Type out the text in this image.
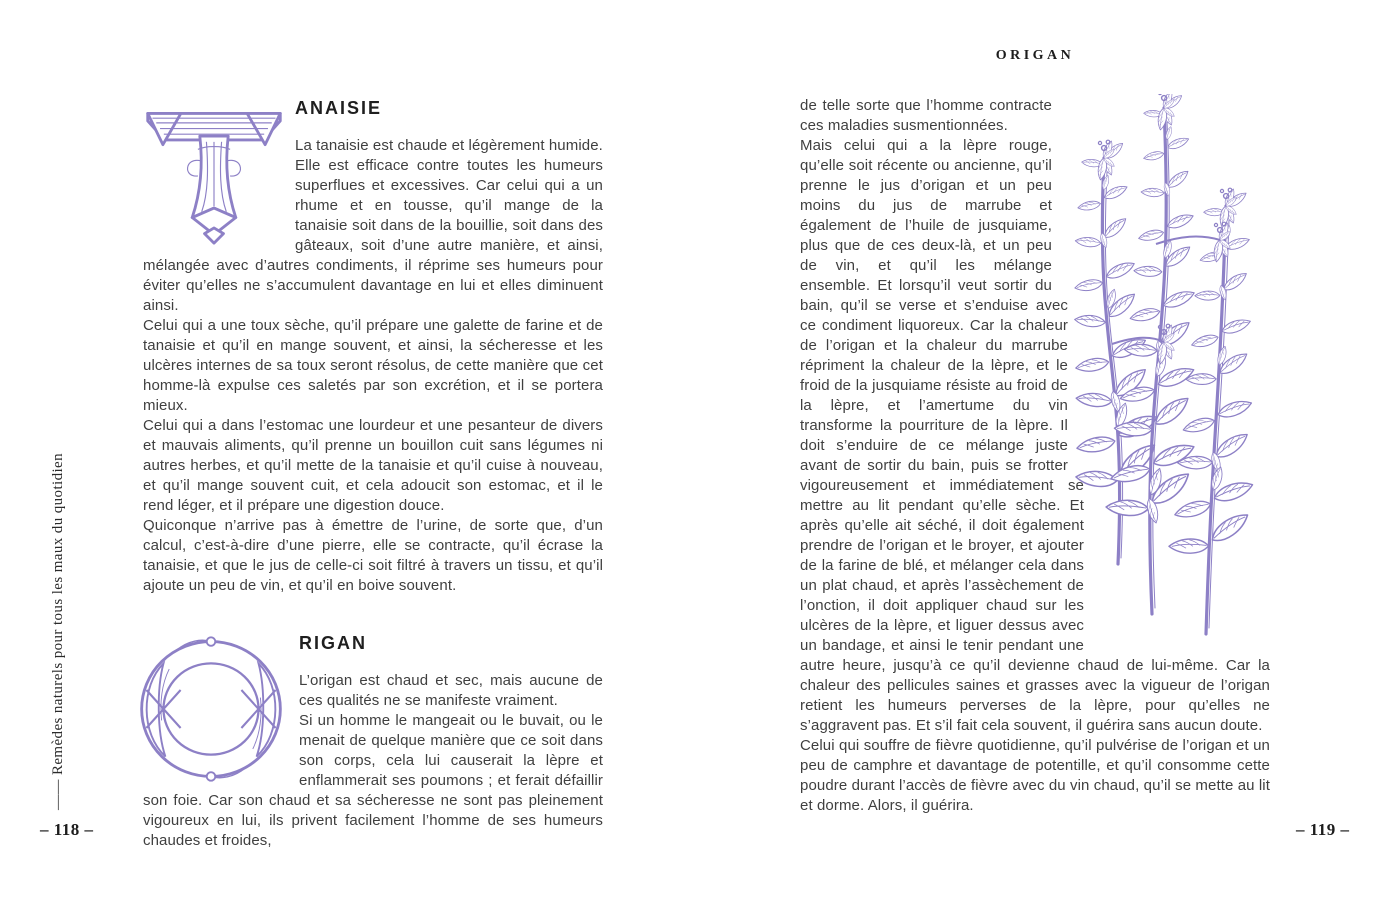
—— Remèdes naturels pour tous les maux du quotidien
ANAISIE

La tanaisie est chaude et légèrement humide.

Elle est efficace contre toutes les humeurs superflues et excessives. Car celui qui a un rhume et en tousse, qu’il mange de la tanaisie soit dans de la bouillie, soit dans des gâteaux, soit d’une autre manière, et ainsi, mélangée avec d’autres condiments, il réprime ses humeurs pour éviter qu’elles ne s’accumulent davantage en lui et elles diminuent ainsi.

Celui qui a une toux sèche, qu’il prépare une galette de farine et de tanaisie et qu’il en mange souvent, et ainsi, la sécheresse et les ulcères internes de sa toux seront résolus, de cette manière que cet homme-là expulse ces saletés par son excrétion, et il se portera mieux.

Celui qui a dans l’estomac une lourdeur et une pesanteur de divers et mauvais aliments, qu’il prenne un bouillon cuit sans légumes ni autres herbes, et qu’il mette de la tanaisie et qu’il cuise à nouveau, et qu’il mange souvent cuit, et cela adoucit son estomac, et il le rend léger, et il prépare une digestion douce.

Quiconque n’arrive pas à émettre de l’urine, de sorte que, d’un calcul, c’est-à-dire d’une pierre, elle se contracte, qu’il écrase la tanaisie, et que le jus de celle-ci soit filtré à travers un tissu, et qu’il ajoute un peu de vin, et qu’il en boive souvent.

RIGAN

L’origan est chaud et sec, mais aucune de ces qualités ne se manifeste vraiment.

Si un homme le mangeait ou le buvait, ou le menait de quelque manière que ce soit dans son corps, cela lui causerait la lèpre et enflammerait ses poumons ; et ferait défaillir son foie. Car son chaud et sa sécheresse ne sont pas pleinement vigoureux en lui, ils privent facilement l’homme de ses humeurs chaudes et froides,

– 118 –
ORIGAN

de telle sorte que l’homme contracte ces maladies susmentionnées.

Mais celui qui a la lèpre rouge, qu’elle soit récente ou ancienne, qu’il prenne le jus d’origan et un peu moins du jus de marrube et également de l’huile de jusquiame, plus que de ces deux-là, et un peu de vin, et qu’il les mélange ensemble. Et lorsqu’il veut sortir du bain, qu’il se verse et s’enduise avec ce condiment liquoreux. Car la chaleur de l’origan et la chaleur du marrube répriment la chaleur de la lèpre, et le froid de la jusquiame résiste au froid de la lèpre, et l’amertume du vin transforme la pourriture de la lèpre. Il doit s’enduire de ce mélange juste avant de sortir du bain, puis se frotter vigoureusement et immédiatement se mettre au lit pendant qu’elle sèche. Et après qu’elle ait séché, il doit également prendre de l’origan et le broyer, et ajouter de la farine de blé, et mélanger cela dans un plat chaud, et après l’assèchement de l’onction, il doit appliquer chaud sur les ulcères de la lèpre, et liguer dessus avec un bandage, et ainsi le tenir pendant une autre heure, jusqu’à ce qu’il devienne chaud de lui-même. Car la chaleur des pellicules saines et grasses avec la vigueur de l’origan retient les humeurs perverses de la lèpre, pour qu’elles ne s’aggravent pas. Et s’il fait cela souvent, il guérira sans aucun doute.

Celui qui souffre de fièvre quotidienne, qu’il pulvérise de l’origan et un peu de camphre et davantage de potentille, et qu’il consomme cette poudre durant l’accès de fièvre avec du vin chaud, qu’il se mette au lit et dorme. Alors, il guérira.

– 119 –
